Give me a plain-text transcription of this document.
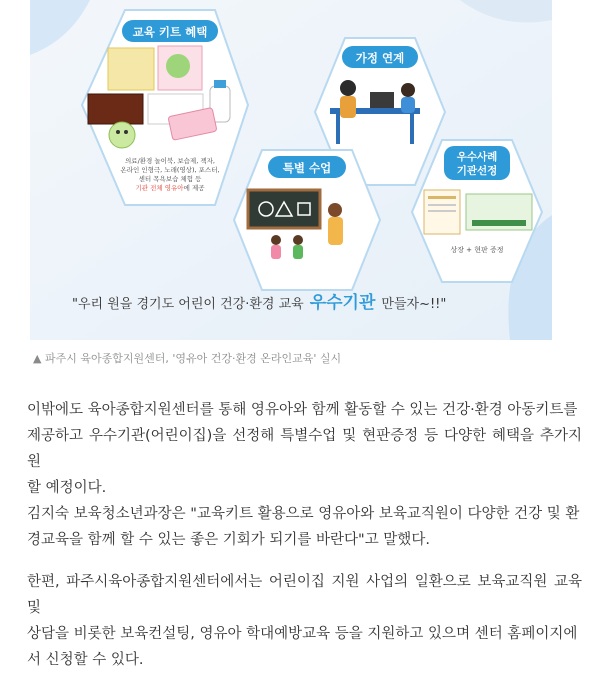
교육 키트 혜택
의료/환경 놀이북, 보습제, 젝자,
온라인 인형극, 노래(영상), 포스터,
센터 목욕보습 체험 등
기관 전체 영유아에 제공
가정 연계
특별 수업
우수사례
기관선정
상장 + 현판 증정
"우리 원을 경기도 어린이 건강·환경 교육 우수기관 만들자~!!"
▲ 파주시 육아종합지원센터, '영유아 건강·환경 온라인교육' 실시
이밖에도 육아종합지원센터를 통해 영유아와 함께 활동할 수 있는 건강·환경 아동키트를
제공하고 우수기관(어린이집)을 선정해 특별수업 및 현판증정 등 다양한 혜택을 추가지원
할 예정이다.
김지숙 보육청소년과장은 "교육키트 활용으로 영유아와 보육교직원이 다양한 건강 및 환
경교육을 함께 할 수 있는 좋은 기회가 되기를 바란다"고 말했다.
한편, 파주시육아종합지원센터에서는 어린이집 지원 사업의 일환으로 보육교직원 교육 및
상담을 비롯한 보육컨설팅, 영유아 학대예방교육 등을 지원하고 있으며 센터 홈페이지에
서 신청할 수 있다.
